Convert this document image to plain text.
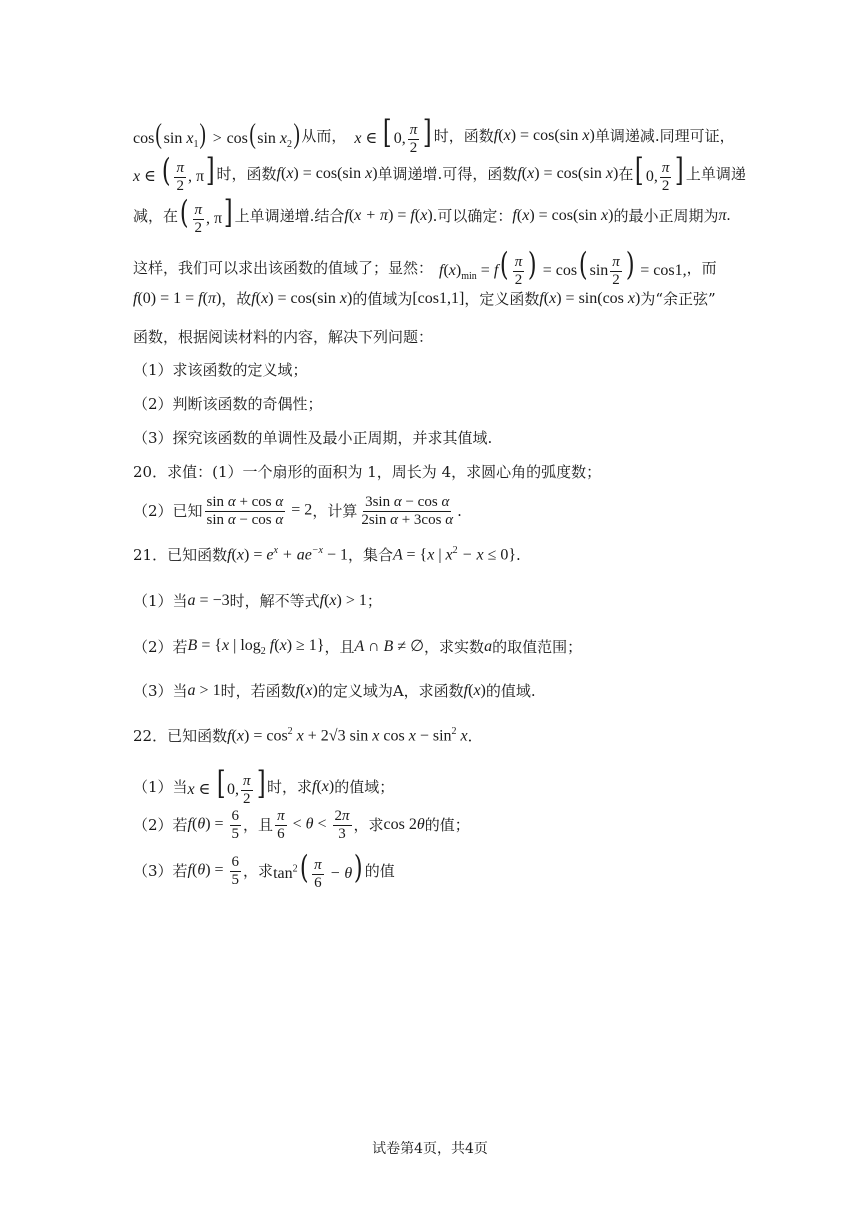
cos(sin $x_1) > \cos(\sin$ $x_2$) 从而， x ∈ [ 0, $\frac{\pi}{2}$ ] 时，函数 f(x) = cos(sin x) 单调递减.同理可证，
x ∈ ( $\frac{\pi}{2}$ , π] 时，函数 f(x) = cos(sin x) 单调递增.可得，函数 f(x) = cos(sin x) 在 [ 0, $\frac{\pi}{2}$ ] 上单调递
减，在 ( $\frac{\pi}{2}$ , π] 上单调递增.结合 f(x + π) = f(x) .可以确定： f(x) = cos(sin x) 的最小正周期为 π.
这样，我们可以求出该函数的值域了；显然： $f(x)_{min} = f( \frac{\pi}{2}$ ) = cos( $\sin \frac{\pi}{2}$ ) = cos1, ，而
f(0) = 1 = f(π) ，故 f(x) = cos(sin x) 的值域为 [cos1,1] ，定义函数 f(x) = sin(cos x) 为“余正弦”
函数，根据阅读材料的内容，解决下列问题：
（1）求该函数的定义域；
（2）判断该函数的奇偶性；
（3）探究该函数的单调性及最小正周期，并求其值域.
20．求值：(1）一个扇形的面积为 1，周长为 4，求圆心角的弧度数；
（2）已知 $\frac{\text{sin α + cos α}}{\text{sin α − cos α}} = 2$ ，计算 $\frac{\text{3sin α − cos α}}{\text{2sin α + 3cos α}}$ .
21．已知函数 $f(x) = e^x + ae^{-x} - 1$ ，集合 A = {x | $x^2 - x \le 0$} .
（1）当 a = −3 时，解不等式 f(x) > 1 ；
（2）若 B = {x | $\log_2 f(x) \ge 1$} ，且 A ∩ B ≠ ∅ ，求实数 a 的取值范围；
（3）当 a > 1 时，若函数 f(x) 的定义域为A，求函数 f(x) 的值域.
22．已知函数 $f(x) = \cos^2 x + 2√3$ sin x $\cos x - \sin^2 x$ ．
（1）当 x ∈ [ 0, $\frac{\pi}{2}$ ] 时，求 f(x) 的值域；
（2）若 $f(\theta) = \frac{6}{5}$ ，且 $\frac{\pi}{6} < \theta < \frac{2\pi}{3}$ ，求 cos 2θ 的值；
（3）若 $f(\theta) = \frac{6}{5}$ ，求 $\tan^2( \frac{\pi}{6} - \theta)$ 的值
试卷第4页，共4页
